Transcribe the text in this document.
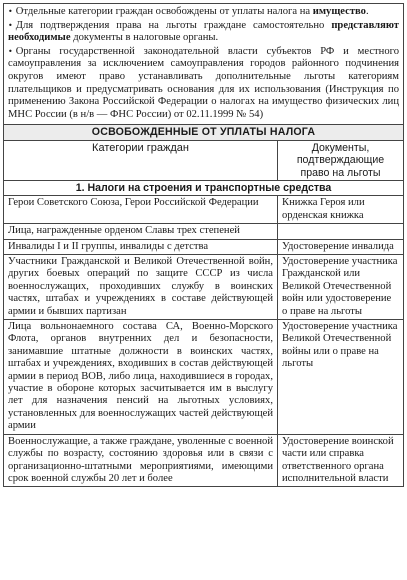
• Отдельные категории граждан освобождены от уплаты налога на имущество.
• Для подтверждения права на льготы граждане самостоятельно представляют необходимые документы в налоговые органы.
• Органы государственной законодательной власти субъектов РФ и местного самоуправления за исключением самоуправления городов районного подчинения округов имеют право устанавливать дополнительные льготы категориям плательщиков и предусматривать основания для их использования (Инструкция по применению Закона Российской Федерации о налогах на имущество физических лиц МНС России (в н/в — ФНС России) от 02.11.1999 № 54)
ОСВОБОЖДЕННЫЕ ОТ УПЛАТЫ НАЛОГА	
Категории граждан	Документы, подтверждающие право на льготы
1. Налоги на строения и транспортные средства	
Герои Советского Союза, Герои Российской Федерации	Книжка Героя или орденская книжка
Лица, награжденные орденом Славы трех степеней	
Инвалиды I и II группы, инвалиды с детства	Удостоверение инвалида
Участники Гражданской и Великой Отечественной войн, других боевых операций по защите СССР из числа военнослужащих, проходивших службу в воинских частях, штабах и учреждениях в составе действующей армии и бывших партизан	Удостоверение участника Гражданской или Великой Отечественной войн или удостоверение о праве на льготы
Лица вольнонаемного состава СА, Военно-Морского Флота, органов внутренних дел и безопасности, занимавшие штатные должности в воинских частях, штабах и учреждениях, входивших в состав действующей армии в период ВОВ, либо лица, находившиеся в городах, участие в обороне которых засчитывается им в выслугу лет для назначения пенсий на льготных условиях, установленных для военнослужащих частей действующей армии	Удостоверение участника Великой Отечественной войны или о праве на льготы
Военнослужащие, а также граждане, уволенные с военной службы по возрасту, состоянию здоровья или в связи с организационно-штатными мероприятиями, имеющими срок военной службы 20 лет и более	Удостоверение воинской части или справка ответственного органа исполнительной власти
